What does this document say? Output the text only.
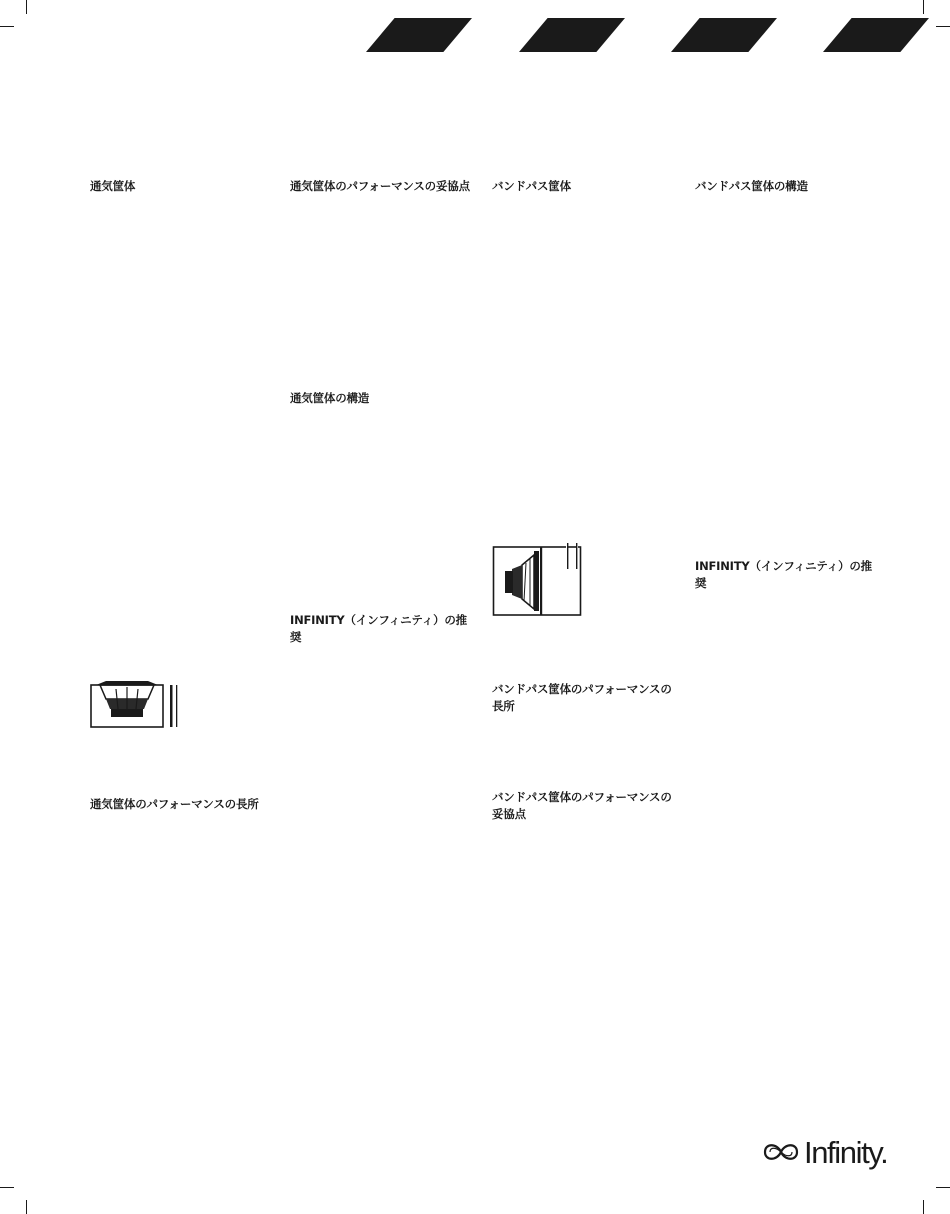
通気筐体

通気筐体のパフォーマンスの長所

通気筐体のパフォーマンスの妥協点

通気筐体の構造

INFINITY（インフィニティ）の推奨

バンドパス筐体

バンドパス筐体のパフォーマンスの長所

バンドパス筐体のパフォーマンスの妥協点

バンドパス筐体の構造

INFINITY（インフィニティ）の推奨

Infinity.
